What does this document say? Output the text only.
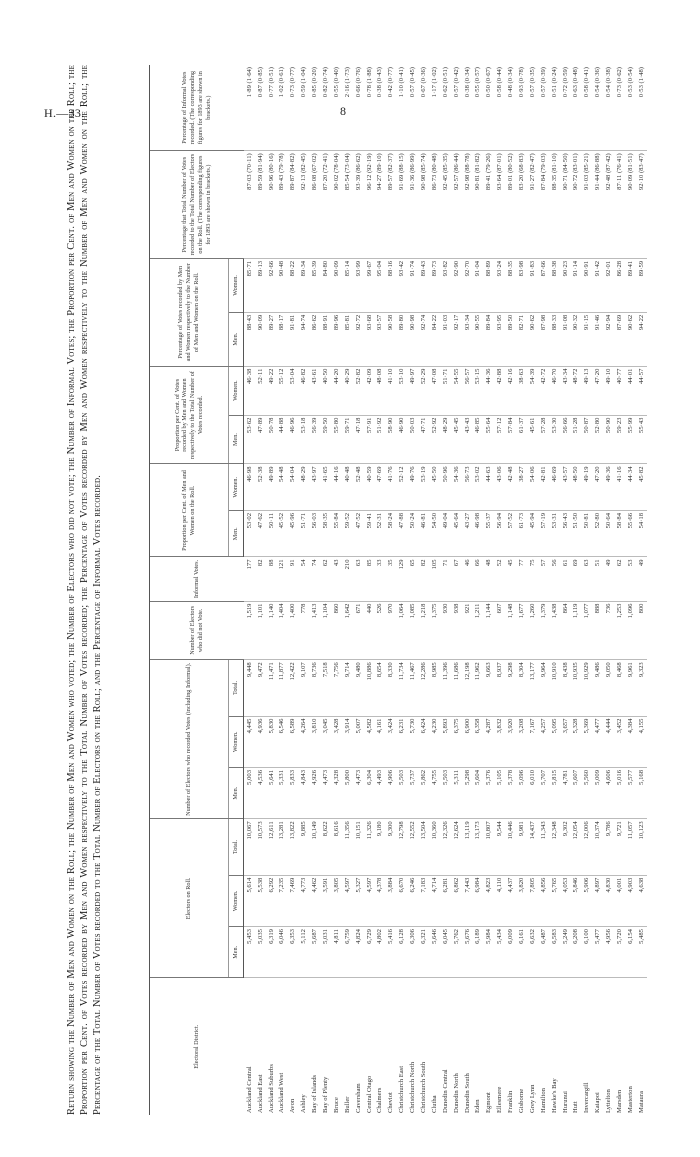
H.—33.	8
Return showing the Number of Men and Women on the Roll; the Number of Men and Women who voted; the Number of Electors who did not vote; the Number of Informal Votes; the Proportion per Cent. of Men and Women on the Roll; the Proportion per Cent. of Votes recorded by Men and Women respectively to the Total Number of Votes recorded; the Percentage of Votes recorded by Men and Women respectively to the Number of Men and Women on the Roll; the Percentage of the Total Number of Votes recorded to the Total Number of Electors on the Roll; and the Percentage of Informal Votes recorded.
Electoral District.	Electors on Roll.			Number of Electors who recorded Votes (including Informal).			Number of Electors who did not Vote.	Informal Votes.	Proportion per Cent. of Men and Women on the Roll.		Proportion per Cent. of Votes recorded by Men and Women respectively to the Total Number of Votes recorded.		Percentage of Votes recorded by Men and Women respectively to the Number of Men and Women on the Roll.		Percentage that Total Number of Votes recorded to the Total Number of Electors on the Roll. (The corresponding figures for 1893 are shown in brackets.)	Percentage of Informal Votes recorded. (The corresponding figures for 1893 are shown in brackets.)
	Men.	Women.	Total.	Men.	Women.	Total.			Men.	Women.	Men.	Women.	Men.	Women.		
Auckland Central	5,453	5,614	10,067	5,003	4,445	9,448	1,519	177	53·02	46·98	53·62	46·38	88·43	85·71	87·03 (70·11)	1·89 (1·64)
Auckland East	5,035	5,538	10,573	4,536	4,936	9,472	1,101	82	47·62	52·38	47·89	52·11	90·09	89·13	89·59 (81·94)	0·87 (0·85)
Auckland Suburbs	6,319	6,292	12,611	5,641	5,830	11,471	1,140	88	50·11	49·89	50·78	49·22	89·27	92·66	90·96 (80·16)	0·77 (0·51)
Auckland West	6,046	7,235	13,281	5,331	6,546	11,877	1,404	121	45·52	54·48	44·88	55·12	88·17	90·48	89·43 (79·78)	1·02 (0·61)
Avon	6,353	7,469	13,822	5,833	6,589	12,422	1,400	91	45·96	54·04	46·96	53·04	91·81	88·22	89·87 (84·82)	0·73 (0·77)
Ashley	5,112	4,773	9,885	4,843	4,264	9,107	778	54	51·71	48·29	53·18	46·82	94·74	89·34	92·13 (82·45)	0·59 (1·04)
Bay of Islands	5,687	4,462	10,149	4,926	3,810	8,736	1,413	74	56·03	43·97	56·39	43·61	86·62	85·39	86·08 (67·02)	0·85 (0·20)
Bay of Plenty	5,031	3,591	8,622	4,473	3,045	7,518	1,104	62	58·35	41·65	59·50	40·50	88·91	84·80	87·20 (72·41)	0·82 (0·74)
Bruce	4,811	3,805	8,616	4,328	3,428	7,756	860	43	55·84	44·16	55·80	44·20	89·96	90·09	90·02 (78·04)	0·55 (0·40)
Buller	6,759	4,597	11,356	5,800	3,914	9,714	1,642	210	59·52	40·48	59·71	40·29	85·81	85·14	85·54 (73·04)	2·16 (1·73)
Caversham	4,824	5,327	10,151	4,473	5,007	9,480	671	63	47·52	52·48	47·18	52·82	92·72	93·99	93·39 (86·62)	0·66 (0·76)
Central Otago	6,729	4,597	11,326	6,304	4,582	10,886	440	85	59·41	40·59	57·91	42·09	93·68	99·67	96·12 (92·19)	0·78 (1·88)
Chalmers	4,802	4,378	9,180	4,493	4,161	8,654	526	33	52·31	47·69	51·92	48·08	93·57	95·04	94·27 (89·10)	0·38 (0·43)
Cheviot	5,416	3,884	9,300	4,906	3,424	8,330	970	35	58·24	41·76	58·90	41·10	90·58	88·16	89·57 (82·37)	0·42 (0·77)
Christchurch East	6,128	6,670	12,798	5,503	6,231	11,734	1,064	129	47·88	52·12	46·90	53·10	89·80	93·42	91·69 (88·15)	1·10 (0·41)
Christchurch North	6,306	6,246	12,552	5,737	5,730	11,467	1,085	65	50·24	49·76	50·03	49·97	90·98	91·74	91·36 (86·99)	0·57 (0·45)
Christchurch South	6,321	7,183	13,504	5,862	6,424	12,286	1,218	82	46·81	53·19	47·71	52·29	92·74	89·43	90·98 (85·74)	0·67 (0·36)
Clutha	5,646	4,714	10,360	4,755	4,230	8,985	1,375	105	54·50	45·50	52·92	47·08	84·22	89·73	86·73 (80·48)	1·17 (1·02)
Dunedin Central	6,045	6,281	12,326	5,503	5,893	11,396	930	71	49·04	50·96	48·29	51·71	91·03	93·82	92·45 (85·35)	0·62 (0·51)
Dunedin North	5,762	6,862	12,624	5,311	6,375	11,686	938	67	45·64	54·36	45·45	54·55	92·17	92·90	92·57 (86·44)	0·57 (0·42)
Dunedin South	5,676	7,443	13,119	5,298	6,900	12,198	921	46	43·27	56·73	43·43	56·57	93·34	92·70	92·98 (88·78)	0·38 (0·34)
Eden	6,189	6,984	13,173	5,604	6,358	11,962	1,211	66	46·98	53·02	46·85	53·15	90·55	91·04	90·81 (81·82)	0·55 (0·57)
Egmont	5,984	4,823	10,807	5,376	4,287	9,663	1,144	48	55·37	44·63	55·64	44·36	89·84	88·89	89·41 (79·26)	0·50 (0·67)
Ellesmere	5,434	4,110	9,544	5,105	3,832	8,937	607	52	56·94	43·06	57·12	42·88	93·95	93·24	93·64 (87·01)	0·58 (0·44)
Franklin	6,009	4,437	10,446	5,378	3,920	9,298	1,148	45	57·52	42·48	57·84	42·16	89·50	88·35	89·01 (80·52)	0·48 (0·34)
Gisborne	6,161	3,820	9,981	5,096	3,208	8,304	1,677	77	61·73	38·27	61·37	38·63	82·71	83·98	83·20 (68·83)	0·93 (0·78)
Grey Lynn	6,632	7,805	14,437	6,010	7,167	13,177	1,260	75	45·94	54·06	45·61	54·39	90·62	91·83	91·27 (82·47)	0·57 (0·35)
Hamilton	6,487	4,856	11,343	5,707	4,257	9,964	1,379	57	57·19	42·81	57·28	42·72	87·98	87·66	87·84 (79·03)	0·57 (0·39)
Hawke's Bay	6,583	5,765	12,348	5,815	5,095	10,910	1,438	56	53·31	46·69	53·30	46·70	88·33	88·38	88·35 (81·10)	0·51 (0·24)
Hurunui	5,249	4,053	9,302	4,781	3,657	8,438	864	61	56·43	43·57	56·66	43·34	91·08	90·23	90·71 (84·50)	0·72 (0·59)
Hutt	6,208	5,846	12,054	5,607	5,328	10,935	1,119	69	51·50	48·50	51·28	48·72	90·32	91·14	90·72 (83·01)	0·63 (0·48)
Invercargill	6,100	5,906	12,006	5,560	5,369	10,929	1,077	63	50·81	49·19	50·87	49·13	91·15	90·91	91·03 (85·21)	0·58 (0·41)
Kaiapoi	5,477	4,897	10,374	5,009	4,477	9,486	888	51	52·80	47·20	52·80	47·20	91·46	91·42	91·44 (86·88)	0·54 (0·36)
Lyttelton	4,956	4,830	9,786	4,606	4,444	9,050	736	49	50·64	49·36	50·90	49·10	92·94	92·01	92·48 (87·42)	0·54 (0·38)
Marsden	5,720	4,001	9,721	5,016	3,452	8,468	1,253	62	58·84	41·16	59·23	40·77	87·69	86·28	87·11 (76·41)	0·73 (0·62)
Masterton	6,154	4,903	11,057	5,577	4,384	9,961	1,096	53	55·66	44·34	55·99	44·01	90·62	89·41	90·09 (81·51)	0·53 (0·54)
Mataura	5,485	4,638	10,123	5,168	4,155	9,323	800	49	54·18	45·82	55·43	44·57	94·22	89·59	92·10 (83·47)	0·53 (1·48)
